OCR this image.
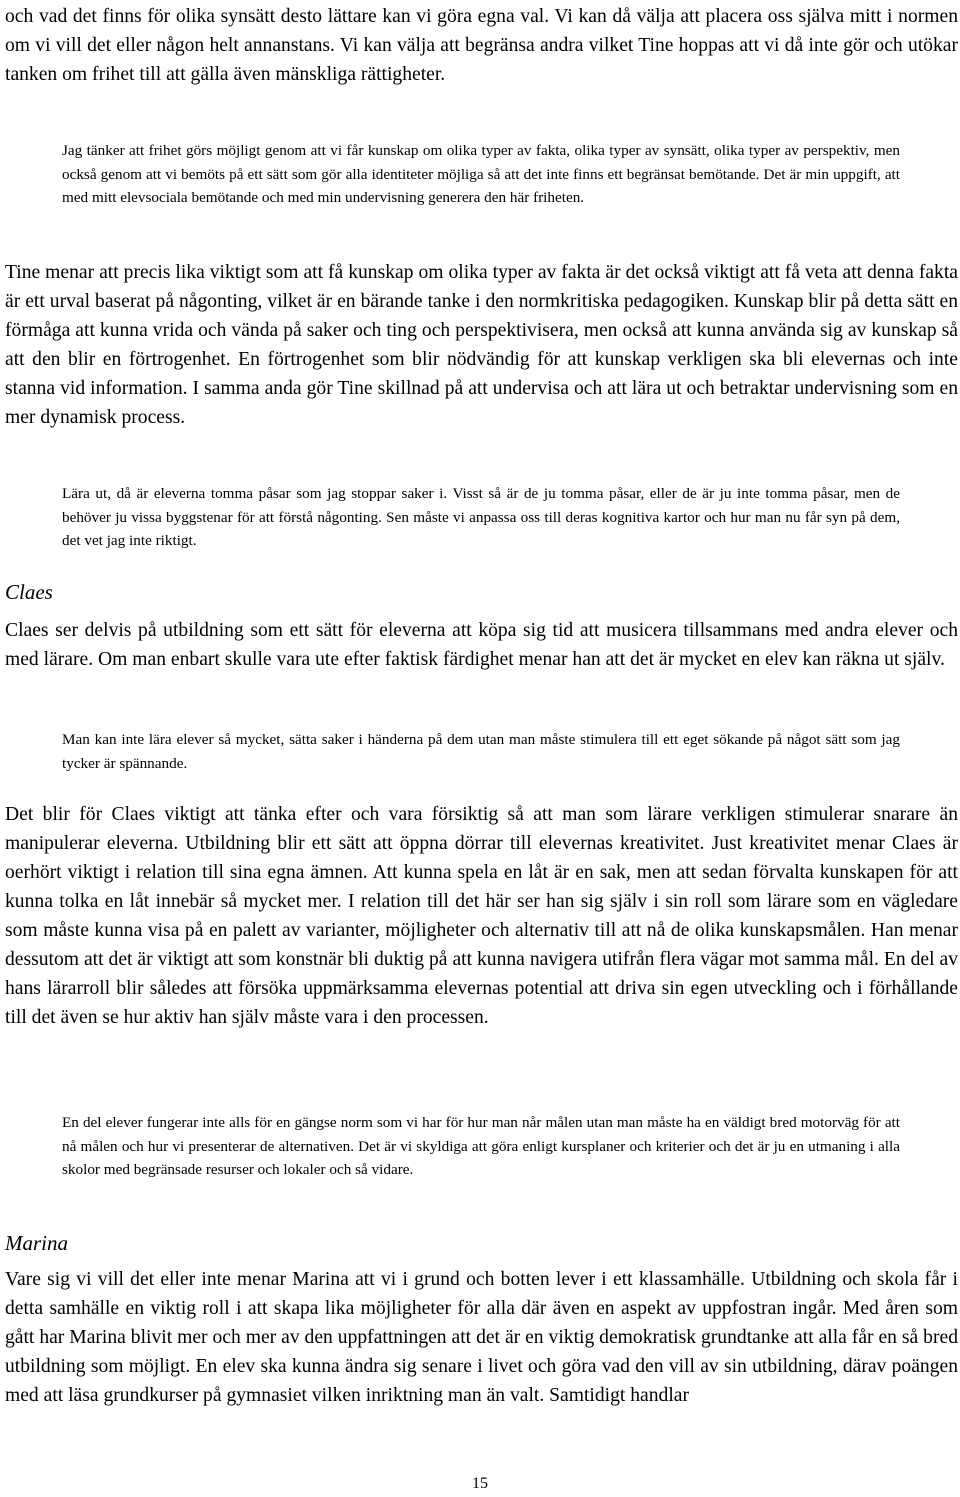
och vad det finns för olika synsätt desto lättare kan vi göra egna val. Vi kan då välja att placera oss själva mitt i normen om vi vill det eller någon helt annanstans. Vi kan välja att begränsa andra vilket Tine hoppas att vi då inte gör och utökar tanken om frihet till att gälla även mänskliga rättigheter.

Jag tänker att frihet görs möjligt genom att vi får kunskap om olika typer av fakta, olika typer av synsätt, olika typer av perspektiv, men också genom att vi bemöts på ett sätt som gör alla identiteter möjliga så att det inte finns ett begränsat bemötande. Det är min uppgift, att med mitt elevsociala bemötande och med min undervisning generera den här friheten.

Tine menar att precis lika viktigt som att få kunskap om olika typer av fakta är det också viktigt att få veta att denna fakta är ett urval baserat på någonting, vilket är en bärande tanke i den normkritiska pedagogiken. Kunskap blir på detta sätt en förmåga att kunna vrida och vända på saker och ting och perspektivisera, men också att kunna använda sig av kunskap så att den blir en förtrogenhet. En förtrogenhet som blir nödvändig för att kunskap verkligen ska bli elevernas och inte stanna vid information. I samma anda gör Tine skillnad på att undervisa och att lära ut och betraktar undervisning som en mer dynamisk process.

Lära ut, då är eleverna tomma påsar som jag stoppar saker i. Visst så är de ju tomma påsar, eller de är ju inte tomma påsar, men de behöver ju vissa byggstenar för att förstå någonting. Sen måste vi anpassa oss till deras kognitiva kartor och hur man nu får syn på dem, det vet jag inte riktigt.

Claes

Claes ser delvis på utbildning som ett sätt för eleverna att köpa sig tid att musicera tillsammans med andra elever och med lärare. Om man enbart skulle vara ute efter faktisk färdighet menar han att det är mycket en elev kan räkna ut själv.

Man kan inte lära elever så mycket, sätta saker i händerna på dem utan man måste stimulera till ett eget sökande på något sätt som jag tycker är spännande.

Det blir för Claes viktigt att tänka efter och vara försiktig så att man som lärare verkligen stimulerar snarare än manipulerar eleverna. Utbildning blir ett sätt att öppna dörrar till elevernas kreativitet. Just kreativitet menar Claes är oerhört viktigt i relation till sina egna ämnen. Att kunna spela en låt är en sak, men att sedan förvalta kunskapen för att kunna tolka en låt innebär så mycket mer. I relation till det här ser han sig själv i sin roll som lärare som en vägledare som måste kunna visa på en palett av varianter, möjligheter och alternativ till att nå de olika kunskapsmålen. Han menar dessutom att det är viktigt att som konstnär bli duktig på att kunna navigera utifrån flera vägar mot samma mål. En del av hans lärarroll blir således att försöka uppmärksamma elevernas potential att driva sin egen utveckling och i förhållande till det även se hur aktiv han själv måste vara i den processen.

En del elever fungerar inte alls för en gängse norm som vi har för hur man når målen utan man måste ha en väldigt bred motorväg för att nå målen och hur vi presenterar de alternativen. Det är vi skyldiga att göra enligt kursplaner och kriterier och det är ju en utmaning i alla skolor med begränsade resurser och lokaler och så vidare.

Marina

Vare sig vi vill det eller inte menar Marina att vi i grund och botten lever i ett klassamhälle. Utbildning och skola får i detta samhälle en viktig roll i att skapa lika möjligheter för alla där även en aspekt av uppfostran ingår. Med åren som gått har Marina blivit mer och mer av den uppfattningen att det är en viktig demokratisk grundtanke att alla får en så bred utbildning som möjligt. En elev ska kunna ändra sig senare i livet och göra vad den vill av sin utbildning, därav poängen med att läsa grundkurser på gymnasiet vilken inriktning man än valt. Samtidigt handlar

15
